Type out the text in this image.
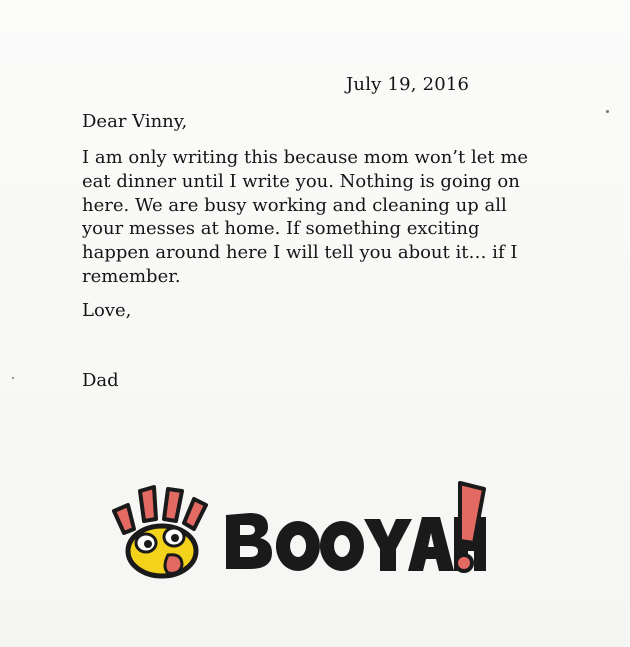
July 19, 2016
Dear Vinny,
I am only writing this because mom won’t let me
eat dinner until I write you. Nothing is going on
here. We are busy working and cleaning up all
your messes at home. If something exciting
happen around here I will tell you about it… if I
remember.
Love,
Dad
